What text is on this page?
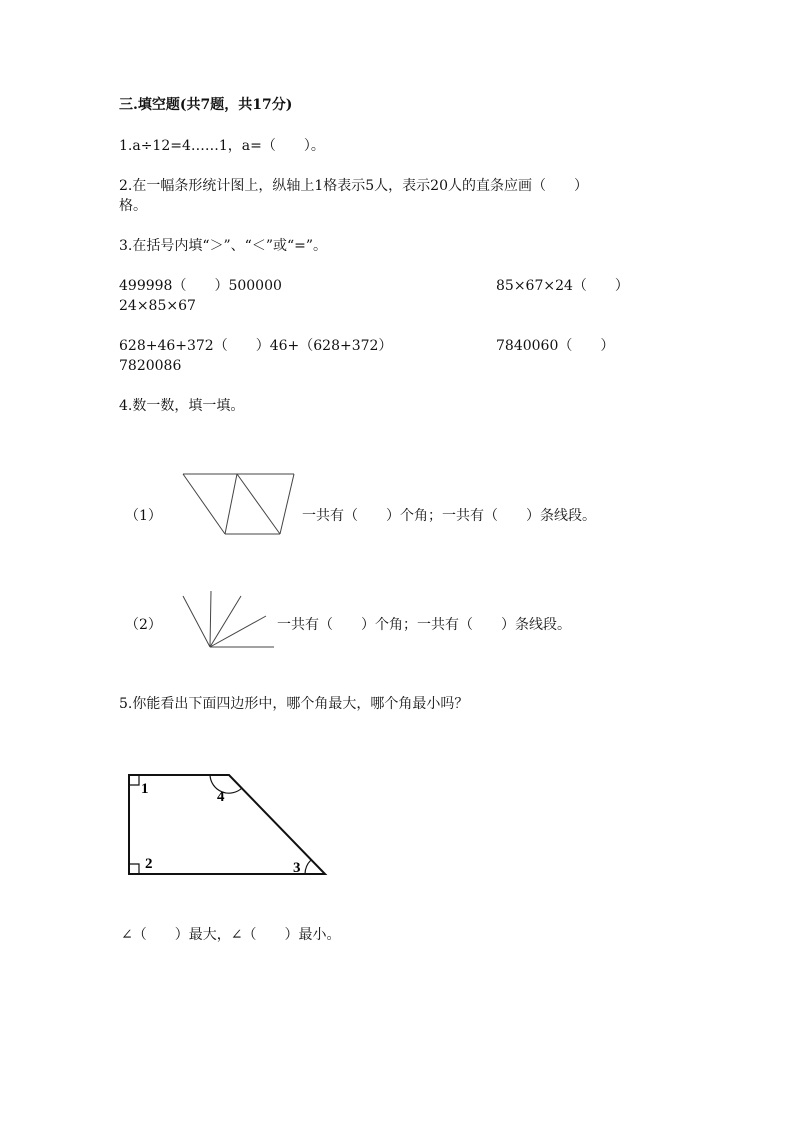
三.填空题(共7题，共17分)
1.a÷12=4……1，a=（　　）。
2.在一幅条形统计图上，纵轴上1格表示5人，表示20人的直条应画（　　）
格。
3.在括号内填“＞”、“＜”或“=”。
499998（　　）500000	85×67×24（　　）
24×85×67
628+46+372（　　）46+（628+372）	7840060（　　）
7820086
4.数一数，填一填。
（1）	一共有（　　）个角；一共有（　　）条线段。
（2）	一共有（　　）个角；一共有（　　）条线段。
5.你能看出下面四边形中，哪个角最大，哪个角最小吗？
1
2	3
4
∠（　　）最大，∠（　　）最小。
